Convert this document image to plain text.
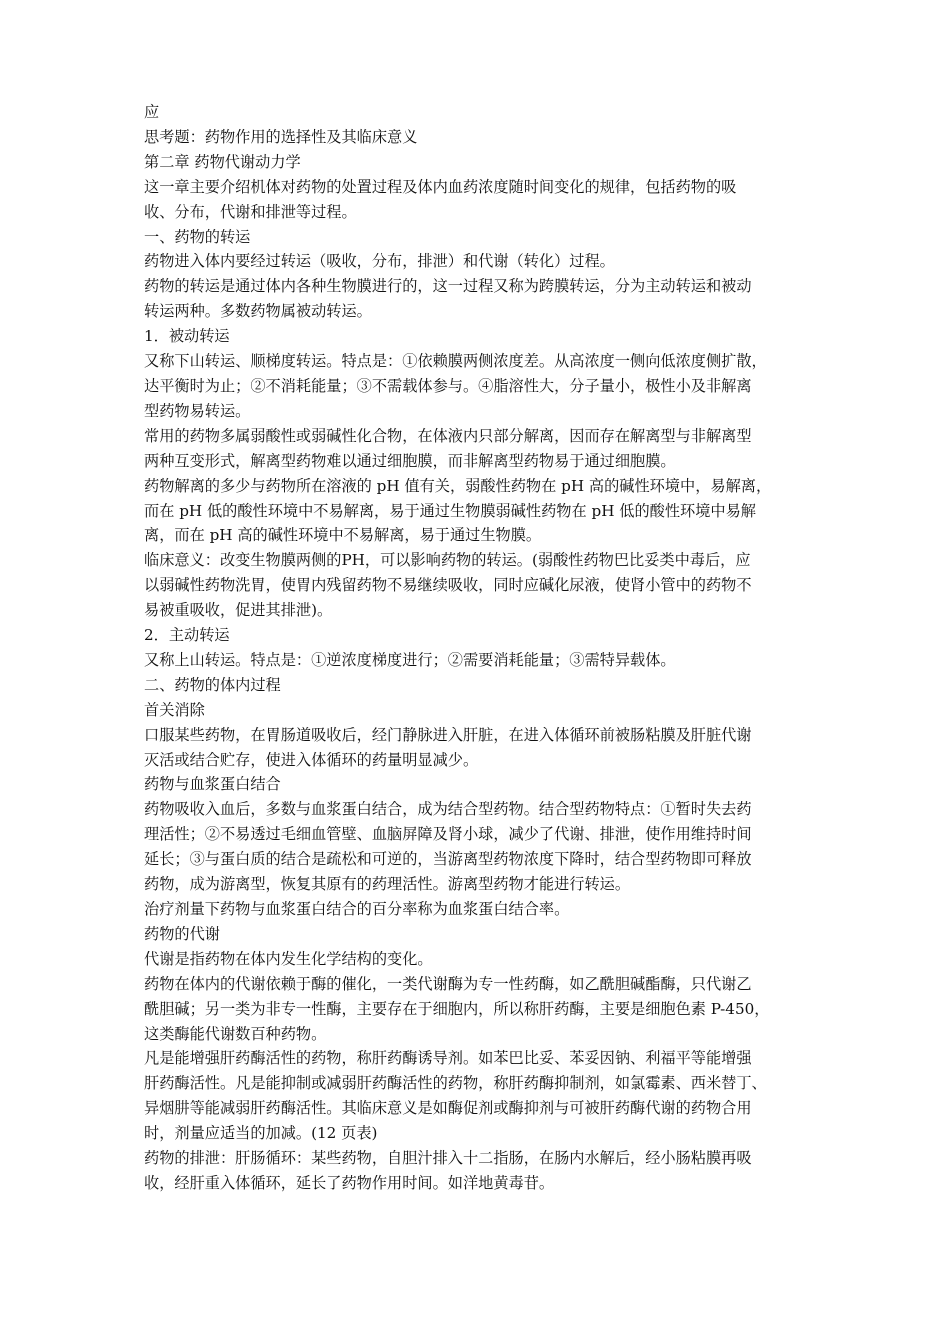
应

思考题：药物作用的选择性及其临床意义

第二章 药物代谢动力学

这一章主要介绍机体对药物的处置过程及体内血药浓度随时间变化的规律，包括药物的吸

收、分布，代谢和排泄等过程。

一、药物的转运

药物进入体内要经过转运（吸收，分布，排泄）和代谢（转化）过程。

药物的转运是通过体内各种生物膜进行的，这一过程又称为跨膜转运，分为主动转运和被动

转运两种。多数药物属被动转运。

1．被动转运

又称下山转运、顺梯度转运。特点是：①依赖膜两侧浓度差。从高浓度一侧向低浓度侧扩散，

达平衡时为止；②不消耗能量；③不需载体参与。④脂溶性大，分子量小，极性小及非解离

型药物易转运。

常用的药物多属弱酸性或弱碱性化合物，在体液内只部分解离，因而存在解离型与非解离型

两种互变形式，解离型药物难以通过细胞膜，而非解离型药物易于通过细胞膜。

药物解离的多少与药物所在溶液的 pH 值有关，弱酸性药物在 pH 高的碱性环境中，易解离，

而在 pH 低的酸性环境中不易解离，易于通过生物膜弱碱性药物在 pH 低的酸性环境中易解

离，而在 pH 高的碱性环境中不易解离，易于通过生物膜。

临床意义：改变生物膜两侧的PH，可以影响药物的转运。(弱酸性药物巴比妥类中毒后，应

以弱碱性药物洗胃，使胃内残留药物不易继续吸收，同时应碱化尿液，使肾小管中的药物不

易被重吸收，促进其排泄)。

2．主动转运

又称上山转运。特点是：①逆浓度梯度进行；②需要消耗能量；③需特异载体。

二、药物的体内过程

首关消除

口服某些药物，在胃肠道吸收后，经门静脉进入肝脏，在进入体循环前被肠粘膜及肝脏代谢

灭活或结合贮存，使进入体循环的药量明显减少。

药物与血浆蛋白结合

药物吸收入血后，多数与血浆蛋白结合，成为结合型药物。结合型药物特点：①暂时失去药

理活性；②不易透过毛细血管壁、血脑屏障及肾小球，减少了代谢、排泄，使作用维持时间

延长；③与蛋白质的结合是疏松和可逆的，当游离型药物浓度下降时，结合型药物即可释放

药物，成为游离型，恢复其原有的药理活性。游离型药物才能进行转运。

治疗剂量下药物与血浆蛋白结合的百分率称为血浆蛋白结合率。

药物的代谢

代谢是指药物在体内发生化学结构的变化。

药物在体内的代谢依赖于酶的催化，一类代谢酶为专一性药酶，如乙酰胆碱酯酶，只代谢乙

酰胆碱；另一类为非专一性酶，主要存在于细胞内，所以称肝药酶，主要是细胞色素 P-450，

这类酶能代谢数百种药物。

凡是能增强肝药酶活性的药物，称肝药酶诱导剂。如苯巴比妥、苯妥因钠、利福平等能增强

肝药酶活性。凡是能抑制或减弱肝药酶活性的药物，称肝药酶抑制剂，如氯霉素、西米替丁、

异烟肼等能减弱肝药酶活性。其临床意义是如酶促剂或酶抑剂与可被肝药酶代谢的药物合用

时，剂量应适当的加减。(12 页表)

药物的排泄：肝肠循环：某些药物，自胆汁排入十二指肠，在肠内水解后，经小肠粘膜再吸

收，经肝重入体循环，延长了药物作用时间。如洋地黄毒苷。
